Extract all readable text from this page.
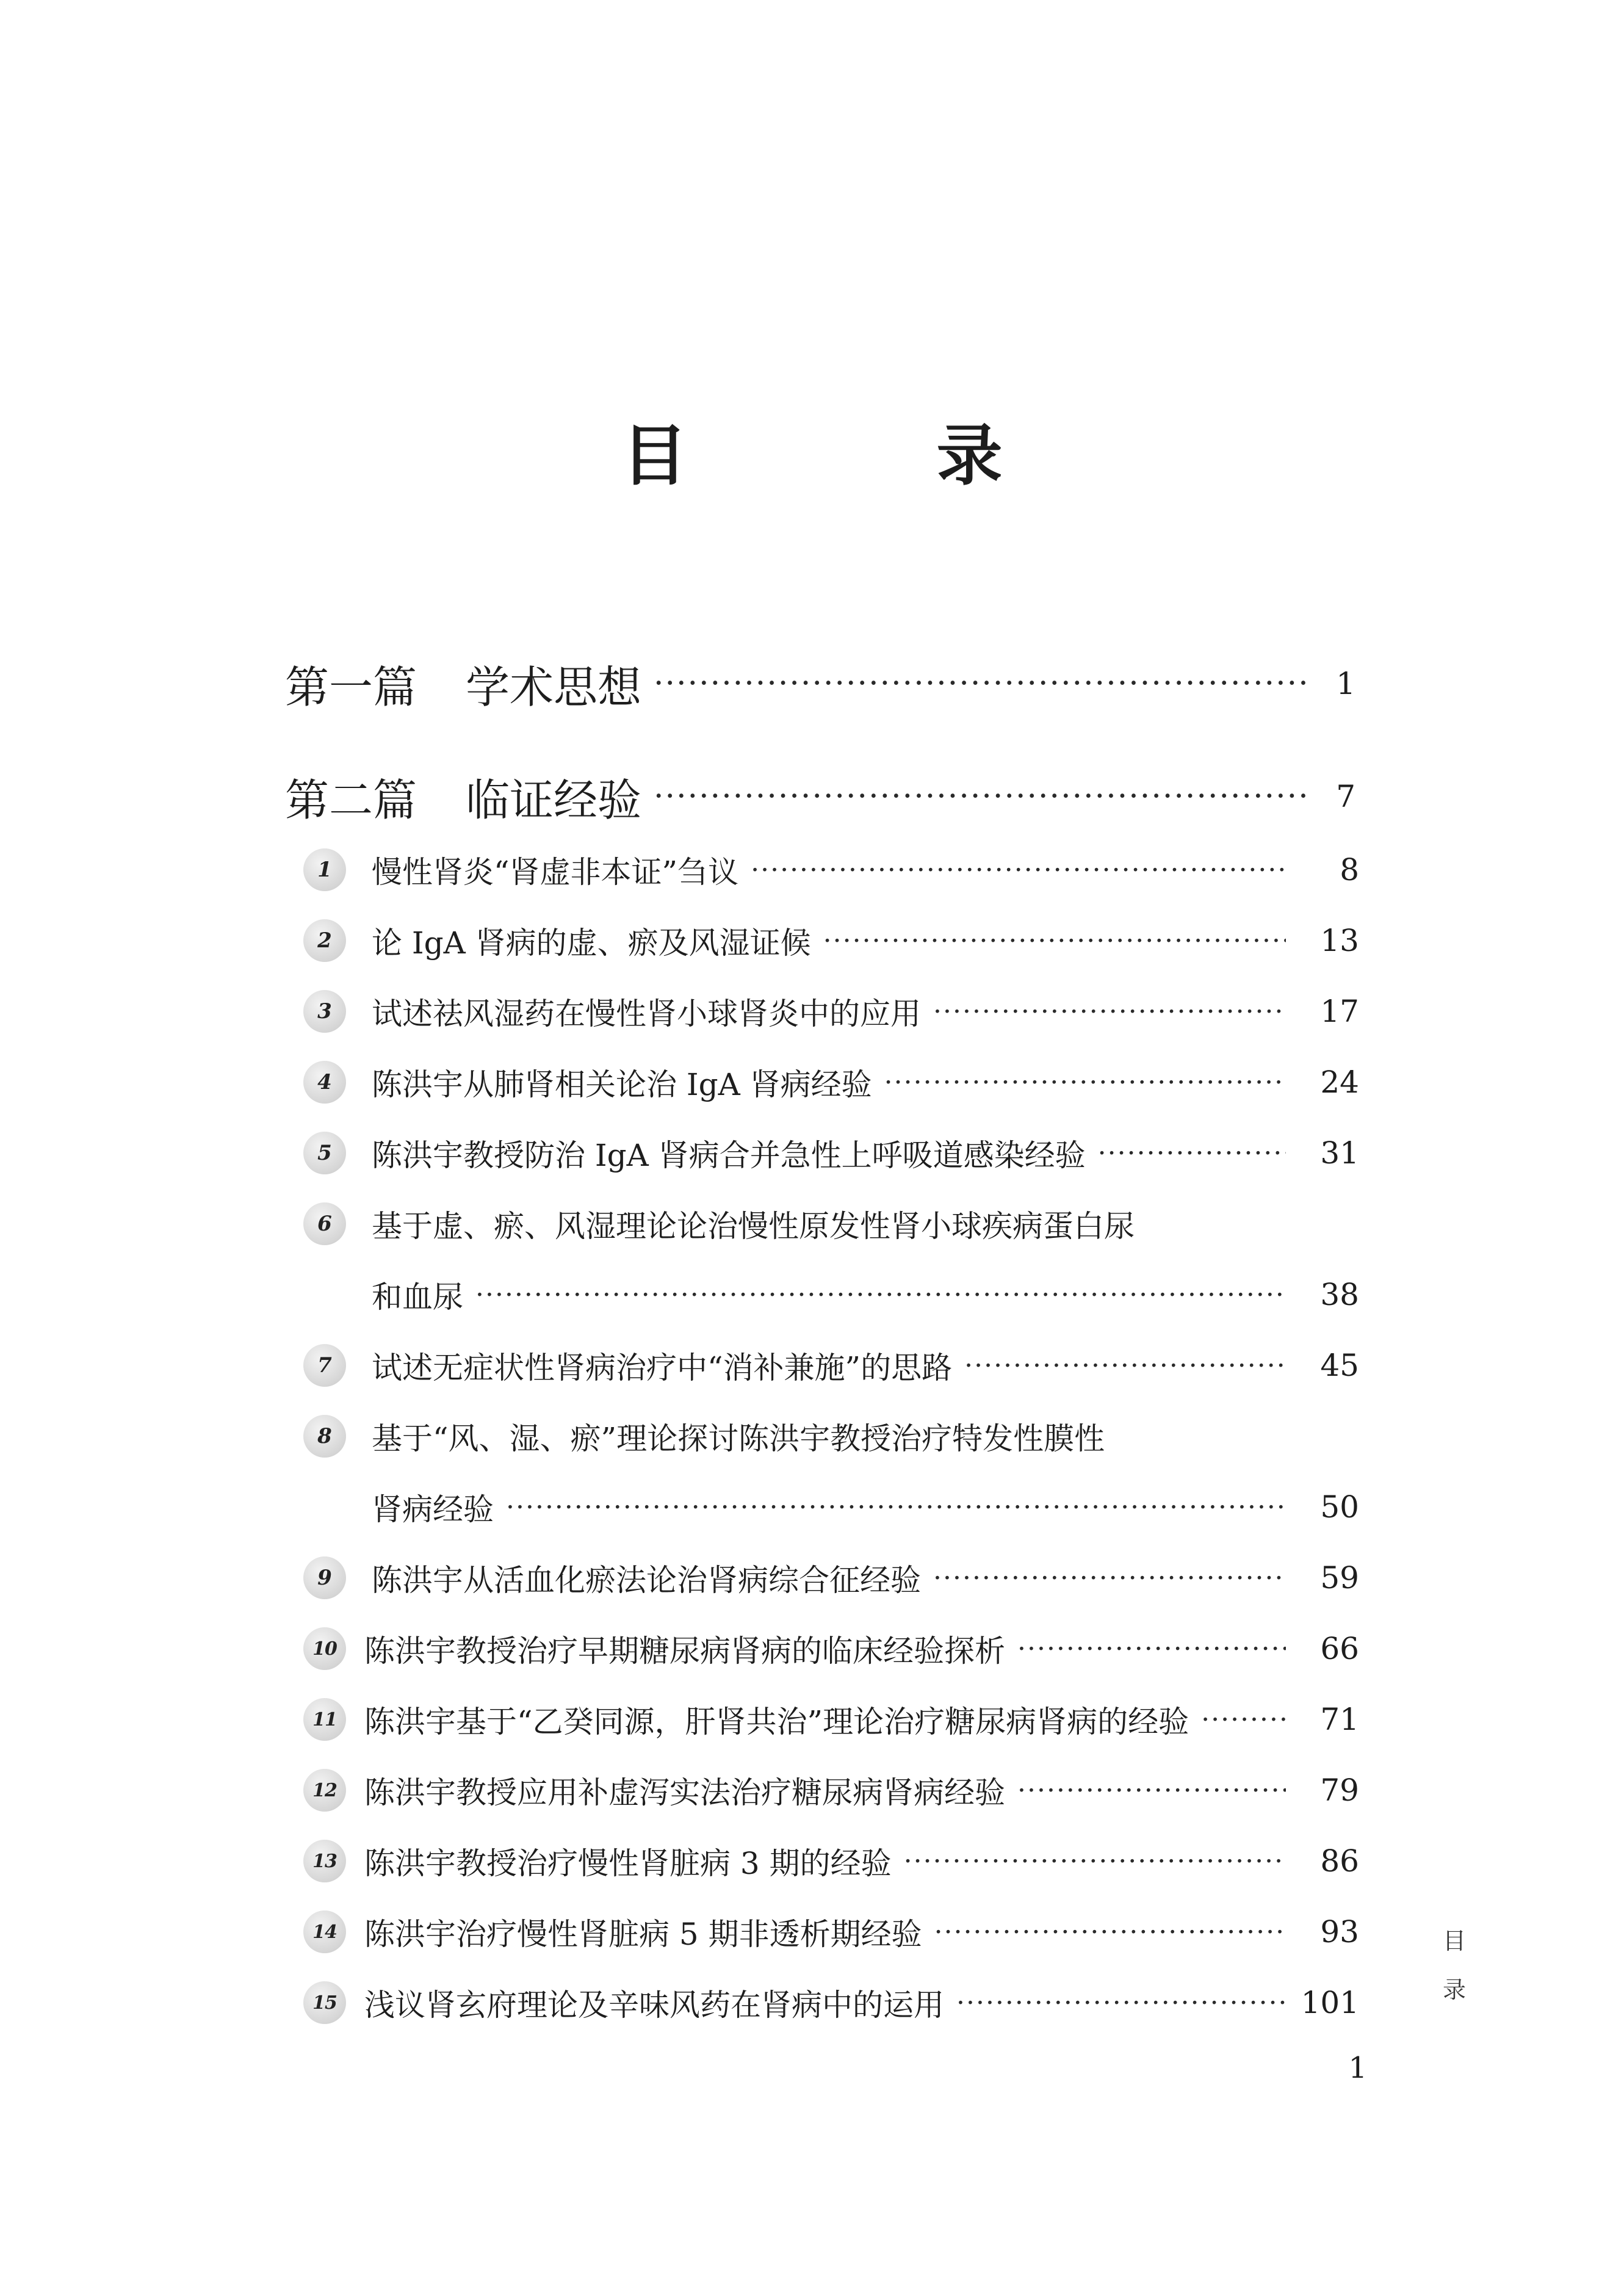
目　录
第一篇 学术思想 ·····	1
第二篇 临证经验 ·····	7
1	慢性肾炎“肾虚非本证”刍议 ·····	8
2	论 IgA 肾病的虚、瘀及风湿证候 ·····	13
3	试述祛风湿药在慢性肾小球肾炎中的应用 ·····	17
4	陈洪宇从肺肾相关论治 IgA 肾病经验 ·····	24
5	陈洪宇教授防治 IgA 肾病合并急性上呼吸道感染经验 ·····	31
6	基于虚、瘀、风湿理论论治慢性原发性肾小球疾病蛋白尿
和血尿 ·····	38
7	试述无症状性肾病治疗中“消补兼施”的思路 ·····	45
8	基于“风、湿、瘀”理论探讨陈洪宇教授治疗特发性膜性
肾病经验 ·····	50
9	陈洪宇从活血化瘀法论治肾病综合征经验 ·····	59
10 陈洪宇教授治疗早期糖尿病肾病的临床经验探析 ·····	66
11 陈洪宇基于“乙癸同源，肝肾共治”理论治疗糖尿病肾病的经验 ·····	71
12 陈洪宇教授应用补虚泻实法治疗糖尿病肾病经验 ·····	79
13 陈洪宇教授治疗慢性肾脏病 3 期的经验 ·····	86
14 陈洪宇治疗慢性肾脏病 5 期非透析期经验 ·····	93
15 浅议肾玄府理论及辛味风药在肾病中的运用 ·····	101
目
录
1
